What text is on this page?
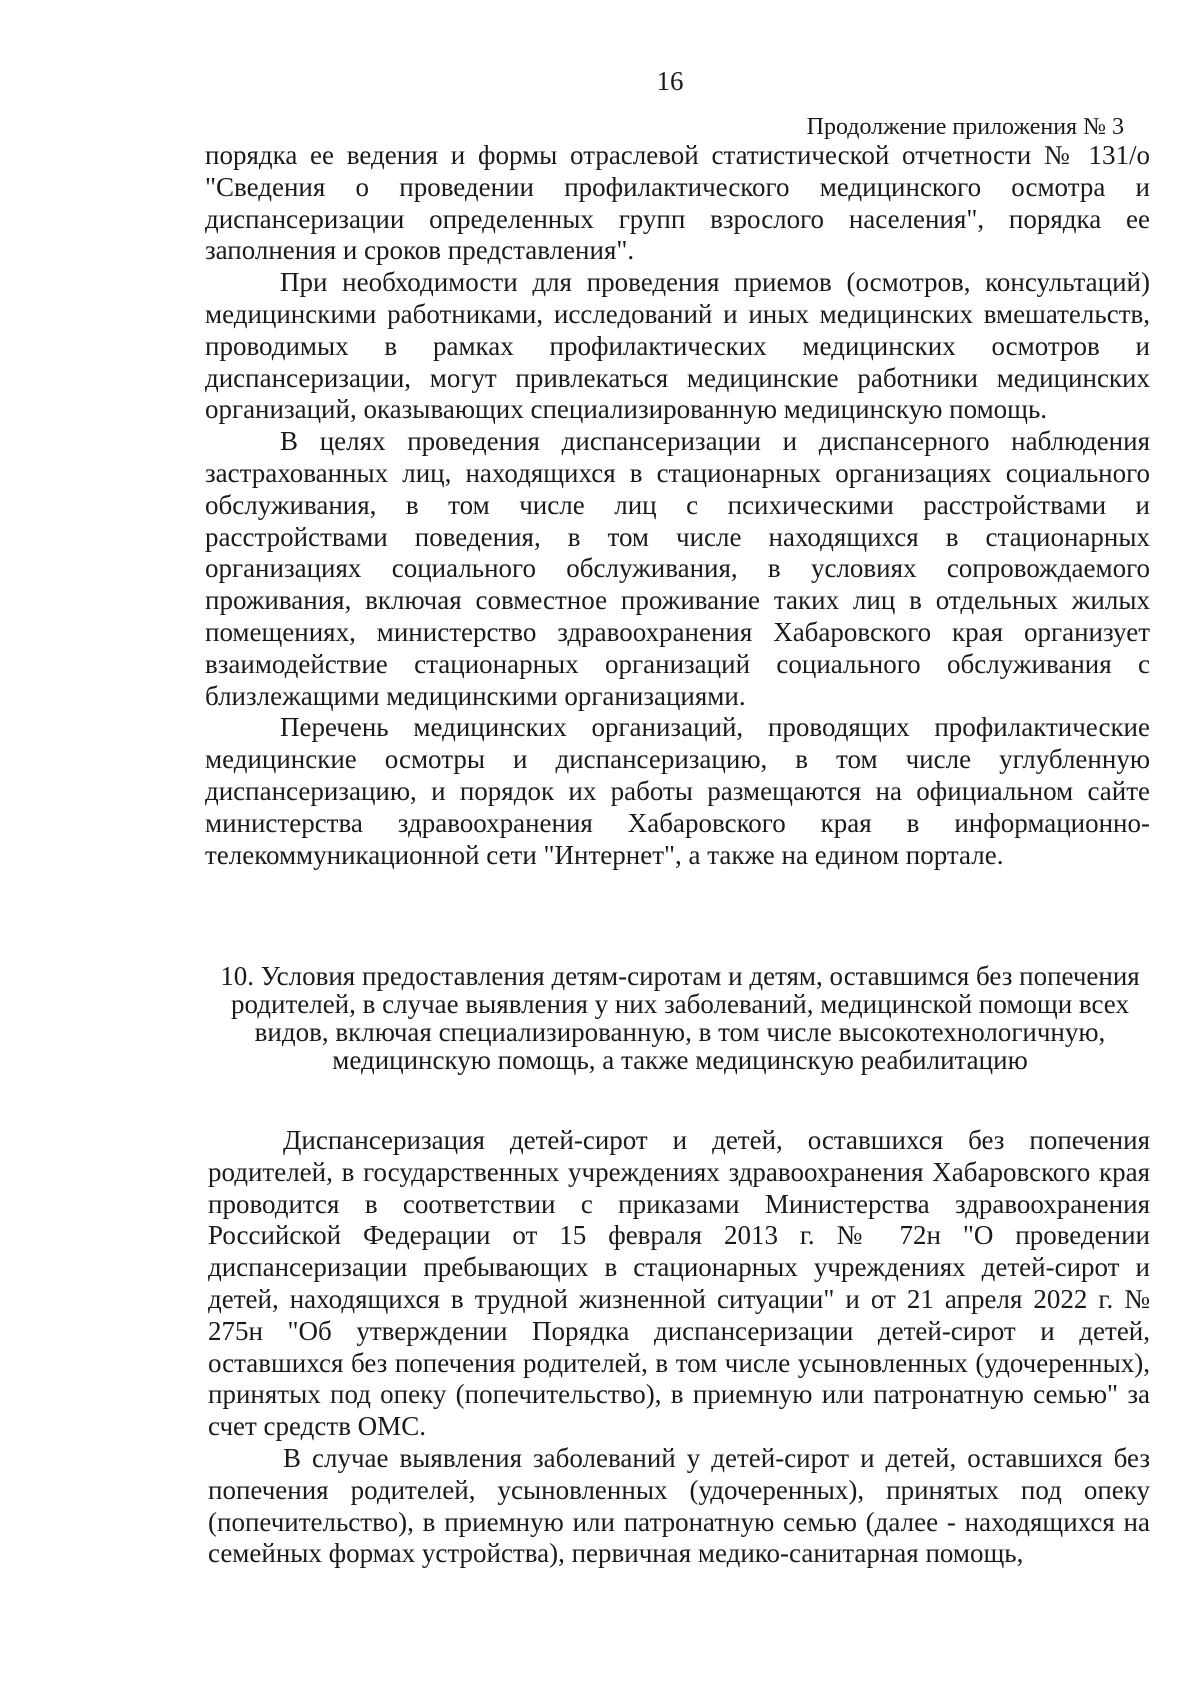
16
Продолжение приложения № 3

порядка ее ведения и формы отраслевой статистической отчетности № 131/о "Сведения о проведении профилактического медицинского осмотра и диспансеризации определенных групп взрослого населения", порядка ее заполнения и сроков представления".

При необходимости для проведения приемов (осмотров, консультаций) медицинскими работниками, исследований и иных медицинских вмешательств, проводимых в рамках профилактических медицинских осмотров и диспансеризации, могут привлекаться медицинские работники медицинских организаций, оказывающих специализированную медицинскую помощь.

В целях проведения диспансеризации и диспансерного наблюдения застрахованных лиц, находящихся в стационарных организациях социального обслуживания, в том числе лиц с психическими расстройствами и расстройствами поведения, в том числе находящихся в стационарных организациях социального обслуживания, в условиях сопровождаемого проживания, включая совместное проживание таких лиц в отдельных жилых помещениях, министерство здравоохранения Хабаровского края организует взаимодействие стационарных организаций социального обслуживания с близлежащими медицинскими организациями.

Перечень медицинских организаций, проводящих профилактические медицинские осмотры и диспансеризацию, в том числе углубленную диспансеризацию, и порядок их работы размещаются на официальном сайте министерства здравоохранения Хабаровского края в информационно-телекоммуникационной сети "Интернет", а также на едином портале.

10. Условия предоставления детям-сиротам и детям, оставшимся без попечения родителей, в случае выявления у них заболеваний, медицинской помощи всех видов, включая специализированную, в том числе высокотехнологичную, медицинскую помощь, а также медицинскую реабилитацию

Диспансеризация детей-сирот и детей, оставшихся без попечения родителей, в государственных учреждениях здравоохранения Хабаровского края проводится в соответствии с приказами Министерства здравоохранения Российской Федерации от 15 февраля 2013 г. № 72н "О проведении диспансеризации пребывающих в стационарных учреждениях детей-сирот и детей, находящихся в трудной жизненной ситуации" и от 21 апреля 2022 г. № 275н "Об утверждении Порядка диспансеризации детей-сирот и детей, оставшихся без попечения родителей, в том числе усыновленных (удочеренных), принятых под опеку (попечительство), в приемную или патронатную семью" за счет средств ОМС.

В случае выявления заболеваний у детей-сирот и детей, оставшихся без попечения родителей, усыновленных (удочеренных), принятых под опеку (попечительство), в приемную или патронатную семью (далее - находящихся на семейных формах устройства), первичная медико-санитарная помощь,
